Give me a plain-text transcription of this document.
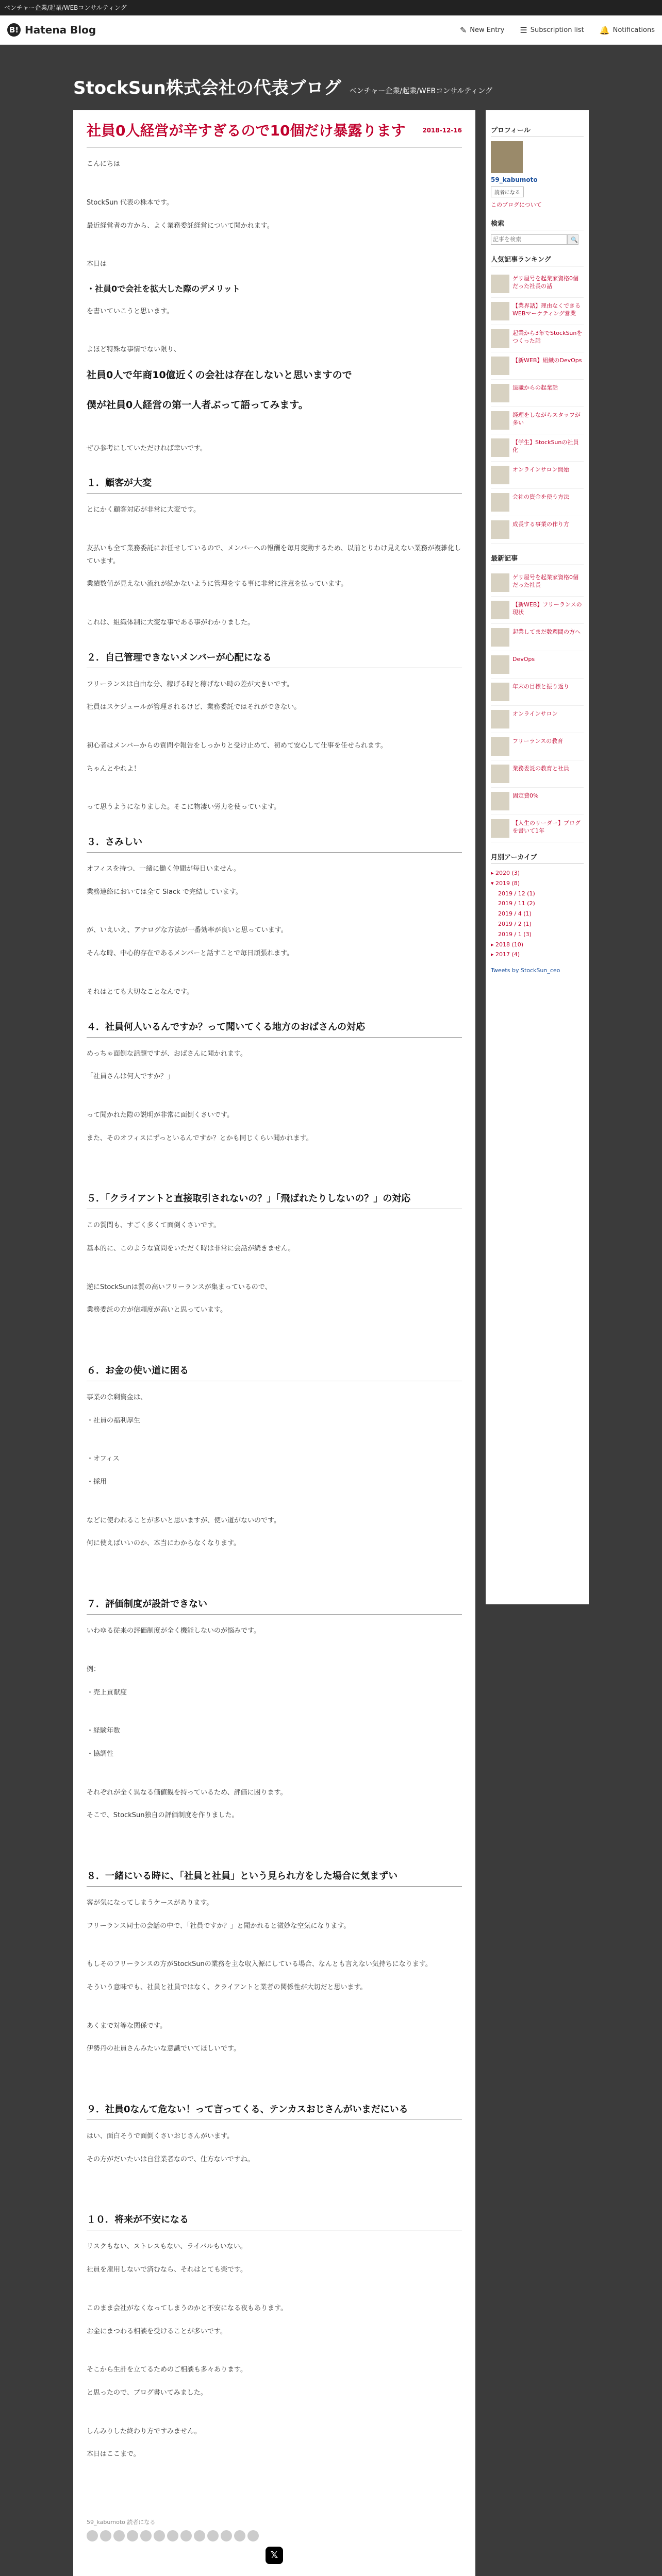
ベンチャー企業/起業/WEBコンサルティング
B! Hatena Blog	✎ New Entry ☰ Subscription list 🔔 Notifications
StockSun株式会社の代表ブログ ベンチャー企業/起業/WEBコンサルティング
社員0人経営が辛すぎるので10個だけ暴露ります	2018-12-16

こんにちは

StockSun 代表の株本です。

最近経営者の方から、よく業務委託経営について聞かれます。

本日は

・社員0で会社を拡大した際のデメリット

を書いていこうと思います。

よほど特殊な事情でない限り、

社員0人で年商10億近くの会社は存在しないと思いますので

僕が社員0人経営の第一人者ぶって語ってみます。

ぜひ参考にしていただければ幸いです。

１．顧客が大変

とにかく顧客対応が非常に大変です。

友払いも全て業務委託にお任せしているので、メンバーへの報酬を毎月変動するため、以前とりわけ見えない業務が複雑化しています。

業績数値が見えない流れが続かないように管理をする事に非常に注意を払っています。

これは、組織体制に大変な事である事がわかりました。

２．自己管理できないメンバーが心配になる

フリーランスは自由な分、稼げる時と稼げない時の差が大きいです。

社員はスケジュールが管理されるけど、業務委託ではそれができない。

初心者はメンバーからの質問や報告をしっかりと受け止めて、初めて安心して仕事を任せられます。

ちゃんとやれよ！

って思うようになりました。そこに物凄い労力を使っています。

３．さみしい

オフィスを持つ、一緒に働く仲間が毎日いません。

業務連絡においては全て Slack で完結しています。

が、いえいえ、アナログな方法が一番効率が良いと思っています。

そんな時、中心的存在であるメンバーと話すことで毎日頑張れます。

それはとても大切なことなんです。

４．社員何人いるんですか？って聞いてくる地方のおばさんの対応

めっちゃ面倒な話題ですが、おばさんに聞かれます。

「社員さんは何人ですか？」

って聞かれた際の説明が非常に面倒くさいです。

また、そのオフィスにずっといるんですか？とかも同じくらい聞かれます。

５．「クライアントと直接取引されないの？」「飛ばれたりしないの？」の対応

この質問も、すごく多くて面倒くさいです。

基本的に、このような質問をいただく時は非常に会話が続きません。

逆にStockSunは質の高いフリーランスが集まっているので、

業務委託の方が信頼度が高いと思っています。

６．お金の使い道に困る

事業の余剰資金は、

・社員の福利厚生

・オフィス

・採用

などに使われることが多いと思いますが、使い道がないのです。

何に使えばいいのか、本当にわからなくなります。

７．評価制度が設計できない

いわゆる従来の評価制度が全く機能しないのが悩みです。

例：

・売上貢献度

・経験年数

・協調性

それぞれが全く異なる価値観を持っているため、評価に困ります。

そこで、StockSun独自の評価制度を作りました。

８．一緒にいる時に、「社員と社員」という見られ方をした場合に気まずい

客が気になってしまうケースがあります。

フリーランス同士の会話の中で、「社員ですか？」と聞かれると微妙な空気になります。

もしそのフリーランスの方がStockSunの業務を主な収入源にしている場合、なんとも言えない気持ちになります。

そういう意味でも、社員と社員ではなく、クライアントと業者の関係性が大切だと思います。

あくまで対等な関係です。

伊勢丹の社員さんみたいな意識でいてほしいです。

９．社員0なんて危ない！って言ってくる、テンカスおじさんがいまだにいる

はい、面白そうで面倒くさいおじさんがいます。

その方がだいたいは自営業者なので、仕方ないですね。

１０．将来が不安になる

リスクもない、ストレスもない、ライバルもいない。

社員を雇用しないで済むなら、それはとても楽です。

このまま会社がなくなってしまうのかと不安になる夜もあります。

お金にまつわる相談を受けることが多いです。

そこから生計を立てるためのご相談も多々あります。

と思ったので、ブログ書いてみました。

しんみりした終わり方ですみません。

本日はここまで。

59_kabumoto 読者になる
𝕏
プロフィール
59_kabumoto
読者になる
このブログについて
検索
記事を検索
🔍
人気記事ランキング
ゲリ屋号を起業家資格0個だった社長の話
【業界話】理由なくできるWEBマーケティング営業
起業から3年でStockSunをつくった話
【新WEB】組織のDevOps
退職からの起業話
経理をしながらスタッフが多い
【学生】StockSunの社員化
オンラインサロン開始
会社の資金を使う方法
成長する事業の作り方
最新記事
ゲリ屋号を起業家資格0個だった社長
【新WEB】フリーランスの現状
起業してまだ数週間の方へ
DevOps
年末の目標と振り返り
オンラインサロン
フリーランスの教育
業務委託の教育と社員
固定費0%
【人生のリーダー】ブログを書いて1年
月別アーカイブ
▸ 2020 (3)
▾ 2019 (8)
2019 / 12 (1)
2019 / 11 (2)
2019 / 4 (1)
2019 / 2 (1)
2019 / 1 (3)
▸ 2018 (10)
▸ 2017 (4)
Tweets by StockSun_ceo
